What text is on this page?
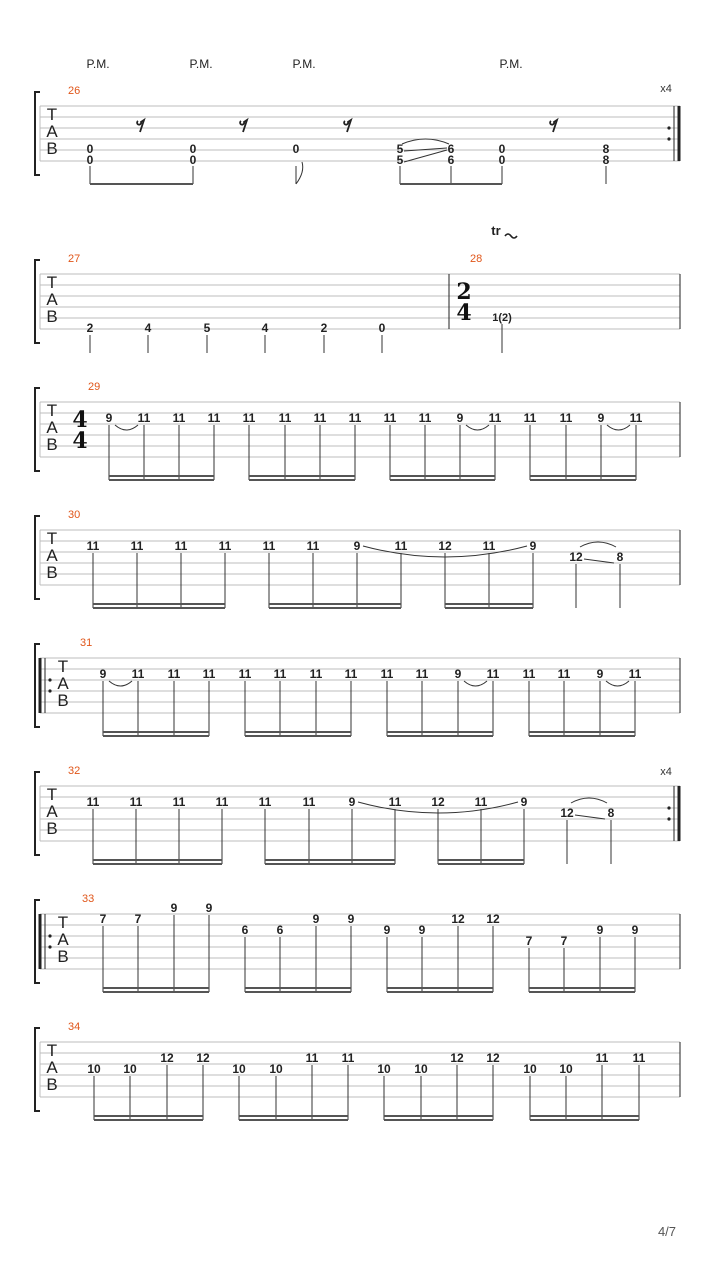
T
A
B
P.M.	P.M.	P.M.	P.M.
26	x4
0
0
0
0
0	0
0
8
8
5
5
6
6
T
A
B
27	28
2	4	5	4	2	0
2
4 1(2)
tr
T
A
B
29
4
4
9 11 11 11 11 11 11 11 11 11 9 11 11 11 9 11
T
A
B
30
11	11	11	11	11	11	9	11	12	11	9
12	8
T
A
B
31
9 11 11 11 11 11 11 11 11 11 9 11 11 11 9 11
T
A
B
32	x4
11	11	11	11	11	11	9	11 12 11	9
12	8
T
A
B
33
7 7
9 9
6 6
9 9
9 9
12 12
7 7
9 9
T
A
B
34
10 10
12 12
10 10
11 11
10 10
12 12
10 10
11 11
4/7
